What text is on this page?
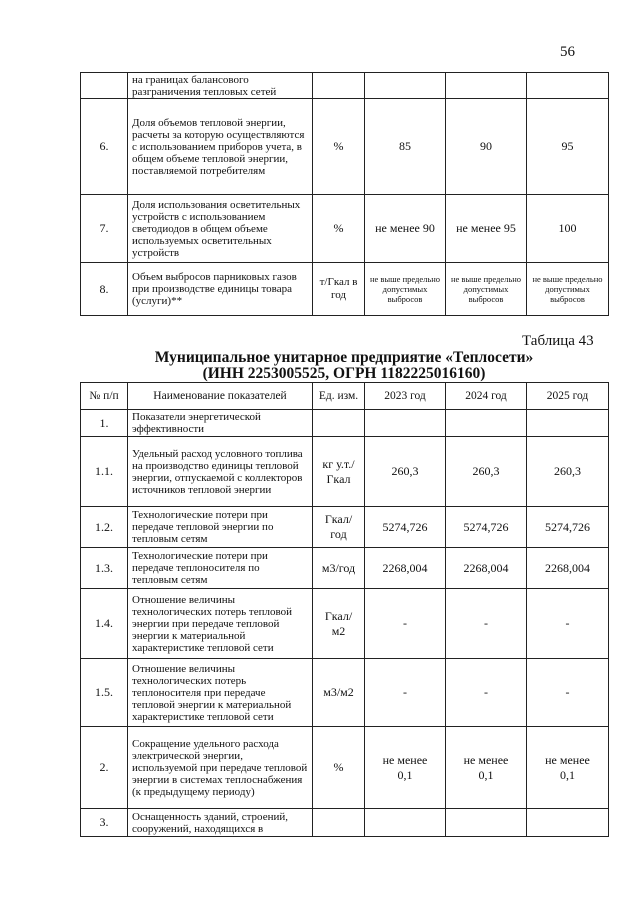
56
	на границах балансового разграничения тепловых сетей				
6.	Доля объемов тепловой энергии, расчеты за которую осуществляются с использованием приборов учета, в общем объеме тепловой энергии, поставляемой потребителям	%	85	90	95
7.	Доля использования осветительных устройств с использованием светодиодов в общем объеме используемых осветительных устройств	%	не менее 90	не менее 95	100
8.	Объем выбросов парниковых газов при производстве единицы товара (услуги)**	т/Гкал в год	не выше предельно допустимых выбросов	не выше предельно допустимых выбросов	не выше предельно допустимых выбросов
Таблица 43
Муниципальное унитарное предприятие «Теплосети»
(ИНН 2253005525, ОГРН 1182225016160)
№ п/п	Наименование показателей	Ед. изм.	2023 год	2024 год	2025 год
1.	Показатели энергетической эффективности				
1.1.	Удельный расход условного топлива на производство единицы тепловой энергии, отпускаемой с коллекторов источников тепловой энергии	кг у.т./ Гкал	260,3	260,3	260,3
1.2.	Технологические потери при передаче тепловой энергии по тепловым сетям	Гкал/ год	5274,726	5274,726	5274,726
1.3.	Технологические потери при передаче теплоносителя по тепловым сетям	м3/год	2268,004	2268,004	2268,004
1.4.	Отношение величины технологических потерь тепловой энергии при передаче тепловой энергии к материальной характеристике тепловой сети	Гкал/ м2	-	-	-
1.5.	Отношение величины технологических потерь теплоносителя при передаче тепловой энергии к материальной характеристике тепловой сети	м3/м2	-	-	-
2.	Сокращение удельного расхода электрической энергии, используемой при передаче тепловой энергии в системах теплоснабжения (к предыдущему периоду)	%	не менее 0,1	не менее 0,1	не менее 0,1
3.	Оснащенность зданий, строений, сооружений, находящихся в				
